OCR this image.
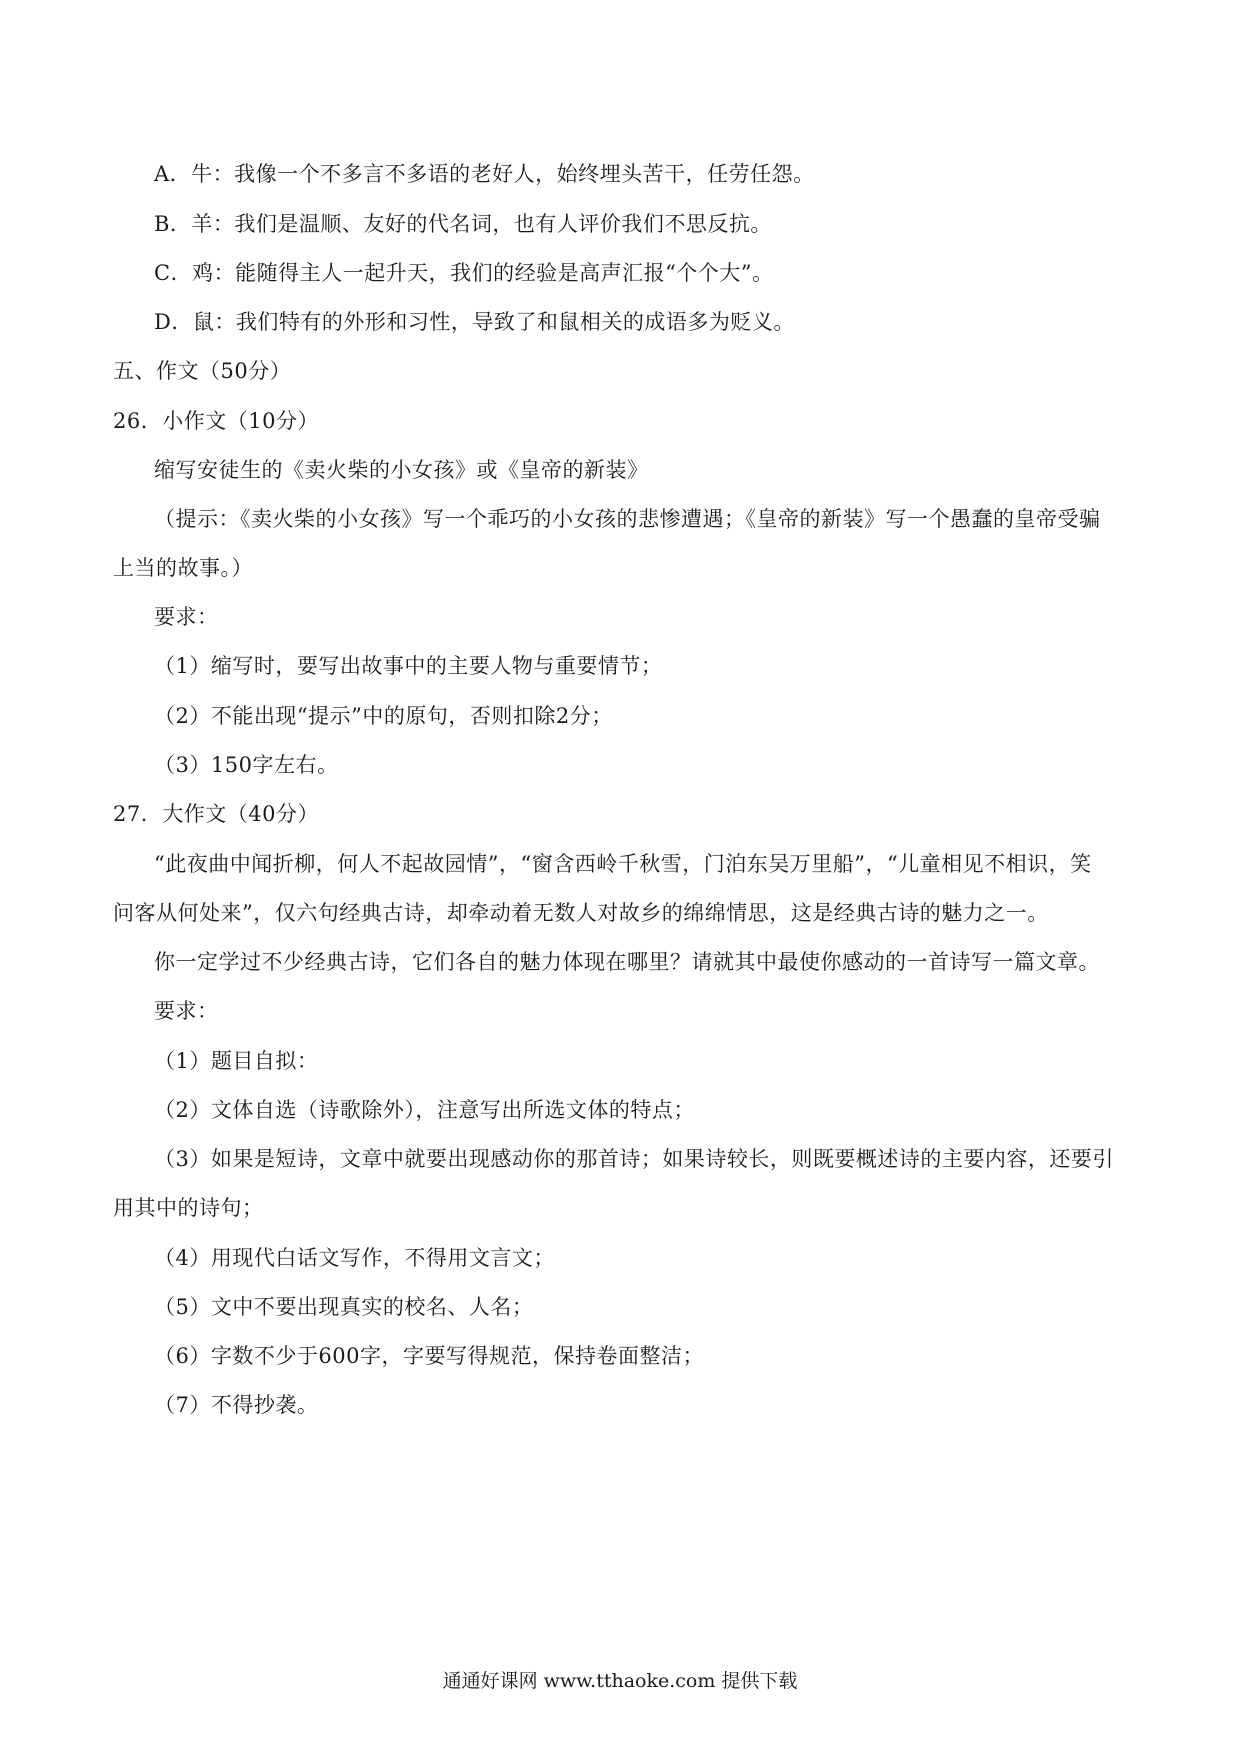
A．牛：我像一个不多言不多语的老好人，始终埋头苦干，任劳任怨。
B．羊：我们是温顺、友好的代名词，也有人评价我们不思反抗。
C．鸡：能随得主人一起升天，我们的经验是高声汇报“个个大”。
D．鼠：我们特有的外形和习性，导致了和鼠相关的成语多为贬义。
五、作文（50分）
26．小作文（10分）
缩写安徒生的《卖火柴的小女孩》或《皇帝的新装》
（提示：《卖火柴的小女孩》写一个乖巧的小女孩的悲惨遭遇；《皇帝的新装》写一个愚蠢的皇帝受骗
上当的故事。）
要求：
（1）缩写时，要写出故事中的主要人物与重要情节；
（2）不能出现“提示”中的原句，否则扣除2分；
（3）150字左右。
27．大作文（40分）
“此夜曲中闻折柳，何人不起故园情”，“窗含西岭千秋雪，门泊东吴万里船”，“儿童相见不相识，笑
问客从何处来”，仅六句经典古诗，却牵动着无数人对故乡的绵绵情思，这是经典古诗的魅力之一。
你一定学过不少经典古诗，它们各自的魅力体现在哪里？请就其中最使你感动的一首诗写一篇文章。
要求：
（1）题目自拟：
（2）文体自选（诗歌除外），注意写出所选文体的特点；
（3）如果是短诗，文章中就要出现感动你的那首诗；如果诗较长，则既要概述诗的主要内容，还要引
用其中的诗句；
（4）用现代白话文写作，不得用文言文；
（5）文中不要出现真实的校名、人名；
（6）字数不少于600字，字要写得规范，保持卷面整洁；
（7）不得抄袭。
通通好课网 www.tthaoke.com 提供下载
